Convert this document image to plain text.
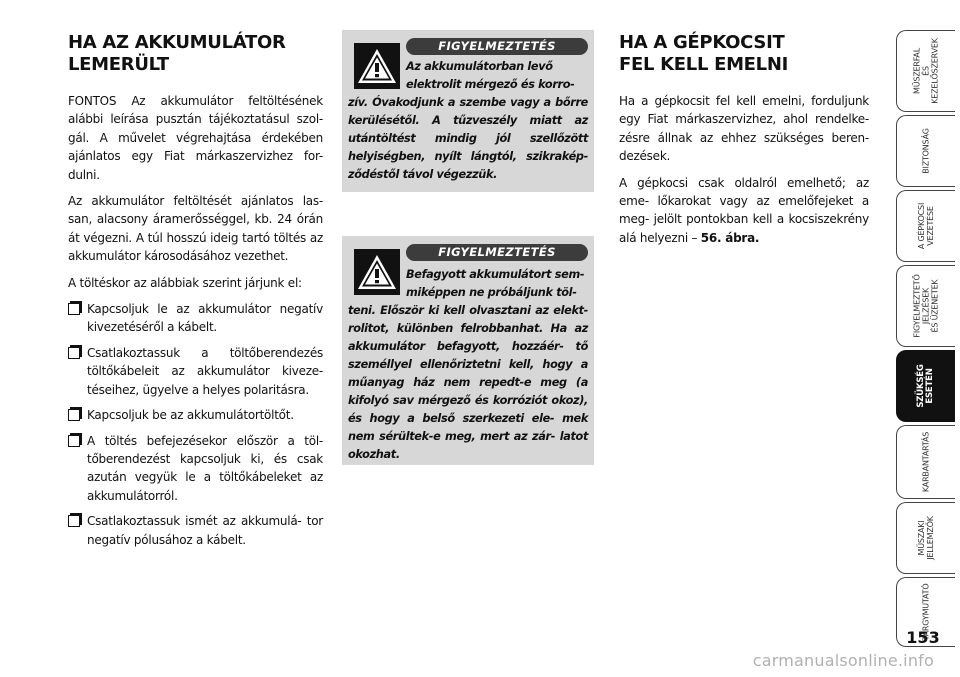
HA AZ AKKUMULÁTOR
LEMERÜLT

FONTOS Az akkumulátor feltöltésének alábbi leírása pusztán tájékoztatásul szol- gál. A művelet végrehajtása érdekében ajánlatos egy Fiat márkaszervizhez for- dulni.

Az akkumulátor feltöltését ajánlatos las- san, alacsony áramerősséggel, kb. 24 órán át végezni. A túl hosszú ideig tartó töltés az akkumulátor károsodásához vezethet.

A töltéskor az alábbiak szerint járjunk el:

Kapcsoljuk le az akkumulátor negatív kivezetéséről a kábelt.
Csatlakoztassuk a töltőberendezés töltőkábeleit az akkumulátor kiveze- téseihez, ügyelve a helyes polaritásra.
Kapcsoljuk be az akkumulátortöltőt.
A töltés befejezésekor először a töl- tőberendezést kapcsoljuk ki, és csak azután vegyük le a töltőkábeleket az akkumulátorról.
Csatlakoztassuk ismét az akkumulá- tor negatív pólusához a kábelt.
FIGYELMEZTETÉS
Az akkumulátorban levő
elektrolit mérgező és korro-
zív. Óvakodjunk a szembe vagy a bőrre kerülésétől. A tűzveszély miatt az utántöltést mindig jól szellőzött helyiségben, nyílt lángtól, szikrakép- ződéstől távol végezzük.
FIGYELMEZTETÉS
Befagyott akkumulátort sem-
miképpen ne próbáljunk töl-
teni. Először ki kell olvasztani az elekt- rolitot, különben felrobbanhat. Ha az akkumulátor befagyott, hozzáér- tő személlyel ellenőriztetni kell, hogy a műanyag ház nem repedt-e meg (a kifolyó sav mérgező és korróziót okoz), és hogy a belső szerkezeti ele- mek nem sérültek-e meg, mert az zár- latot okozhat.
HA A GÉPKOCSIT
FEL KELL EMELNI

Ha a gépkocsit fel kell emelni, forduljunk egy Fiat márkaszervizhez, ahol rendelke- zésre állnak az ehhez szükséges beren- dezések.

A gépkocsi csak oldalról emelhető; az eme- lőkarokat vagy az emelőfejeket a meg- jelölt pontokban kell a kocsiszekrény alá helyezni – 56. ábra.

MŰSZERFAL
ÉS
KEZELŐSZERVEK
BIZTONSÁG
A GÉPKOCSI
VEZETÉSE
FIGYELMEZTETŐ
JELZÉSEK
ÉS ÜZENETEK
SZÜKSÉG
ESETÉN
KARBANTARTÁS
MŰSZAKI
JELLEMZŐK
TÁRGYMUTATÓ
153
carmanualsonline.info
